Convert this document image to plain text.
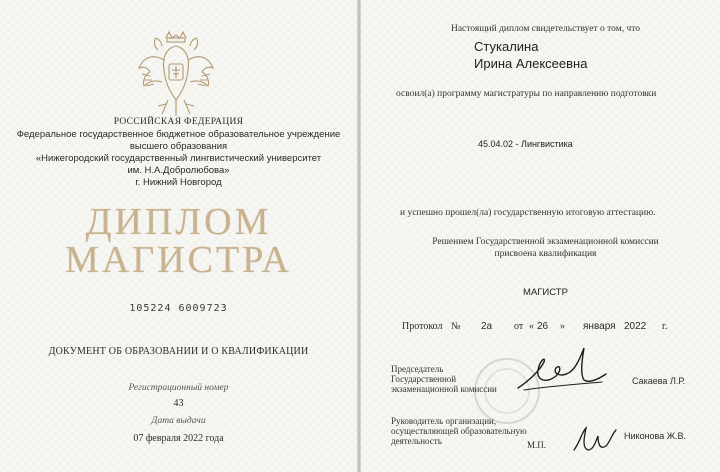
РОССИЙСКАЯ ФЕДЕРАЦИЯ
Федеральное государственное бюджетное образовательное учреждение
высшего образования
«Нижегородский государственный лингвистический университет
им. Н.А.Добролюбова»
г. Нижний Новгород
ДИПЛОМ
МАГИСТРА
105224 6009723
ДОКУМЕНТ ОБ ОБРАЗОВАНИИ И О КВАЛИФИКАЦИИ
Регистрационный номер
43
Дата выдачи
07 февраля 2022 года
Настоящий диплом свидетельствует о том, что
Стукалина
Ирина Алексеевна
освоил(а) программу магистратуры по направлению подготовки
45.04.02 - Лингвистика
и успешно прошел(ла) государственную итоговую аттестацию.
Решением Государственной экзаменационной комиссии
присвоена квалификация
МАГИСТР
Протокол № 2а от « 26 » января 2022 г.
Председатель
Государственной
экзаменационной комиссии
Сакаева Л.Р.
Руководитель организации,
осуществляющей образовательную
деятельность	М.П.
Никонова Ж.В.
